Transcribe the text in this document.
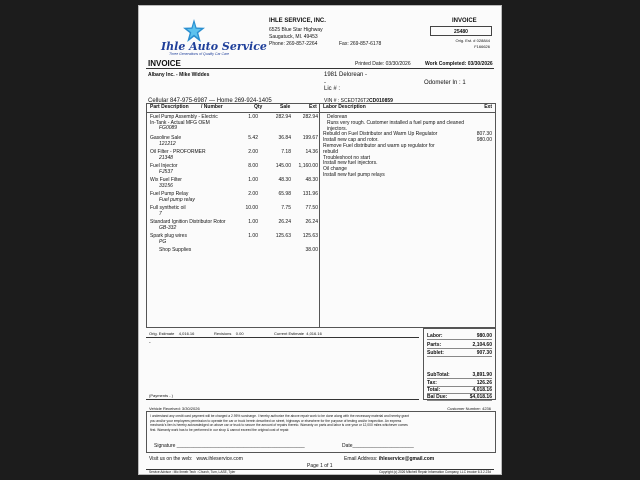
Ihle Auto Service
Three Generations of Quality Car Care
IHLE SERVICE, INC.
6525 Blue Star Highway
Saugatuck, MI. 49453
Phone: 269-857-2264	Fax: 269-857-6178
INVOICE
25480
Orig. Est. # 028844
F166626
INVOICE	Printed Date: 03/30/2026	Work Completed: 03/30/2026
Albany Inc. - Mike Widdes	1981 Delorean -
-
Lic # :
Odometer In : 1
Cellular 847-975-6987 — Home 269-924-1405	VIN # : SCEDT26T2CD010859
Part Description / Number	Qty	Sale	Ext Labor Description	Ext
Fuel Pump Assembly - Electric
In-Tank - Actual MFG OEM
FG0089
1.00	282.94 282.94
Gasoline Sale
121212
5.42	36.84 199.67
Oil Filter - PROFORMER
21348
2.00	7.18	14.36
Fuel Injector
FJ537
8.00	145.00 1,160.00
Wix Fuel Filter
33156
1.00	48.30	48.30
Fuel Pump Relay
Fuel pump relay
2.00	65.98 131.96
Full synthetic oil
7
10.00	7.75	77.50
Standard Ignition Distributor Rotor
GB-332
1.00	26.24	26.24
Spark plug wires
PG
1.00	125.63 125.63
Shop Supplies	38.00
Delorean
Runs very rough. Customer installed a fuel pump and cleaned
injectors.
Rebuild on Fuel Distributor and Warm Up Regulator	807.30
Install new cap and rotor.	980.00
Remove Fuel distributor and warm up regulator for
rebuild
Troubleshoot no start
Install new fuel injectors.
Oil change
Install new fuel pump relays
Orig. Estimate 4,016.16	Revisions 0.00	Current Estimate 4,016.16
-
(Payments - )
Labor:	980.00
Parts:	2,104.60
Sublet:	907.30
SubTotal:	3,891.90
Tax:	126.26
Total:	4,018.16
Bal Due:	$4,018.16
Vehicle Received: 3/30/2026	Customer Number: 4236
I understand any credit card payment will be charged a 2.95% surcharge. I hereby authorize the above repair work to be done along with the necessary material and hereby grant
you and/or your employees permission to operate the car or truck herein described on street, highways or elsewhere for the purpose of testing and/or inspection. An express
mechanic's lien is hereby acknowledged on above car or truck to secure the amount of repairs thereto. Warranty on parts and labor is one year or 12,000 miles whichever comes
first. Warranty work has to be performed in our shop & cannot exceed the original cost of repair.
Signature ______________________________________________	Date______________________
Visit us on the web: www.ihleservice.com	Email Address: ihleservice@gmail.com
Page 1 of 1
Service Advisor : Mic Ihmeb Tech : Church, Tum, LASE, Tyler	Copyright (c) 2026 Mitchell Repair Information Company, LLC invoice 6.3.2.23d
